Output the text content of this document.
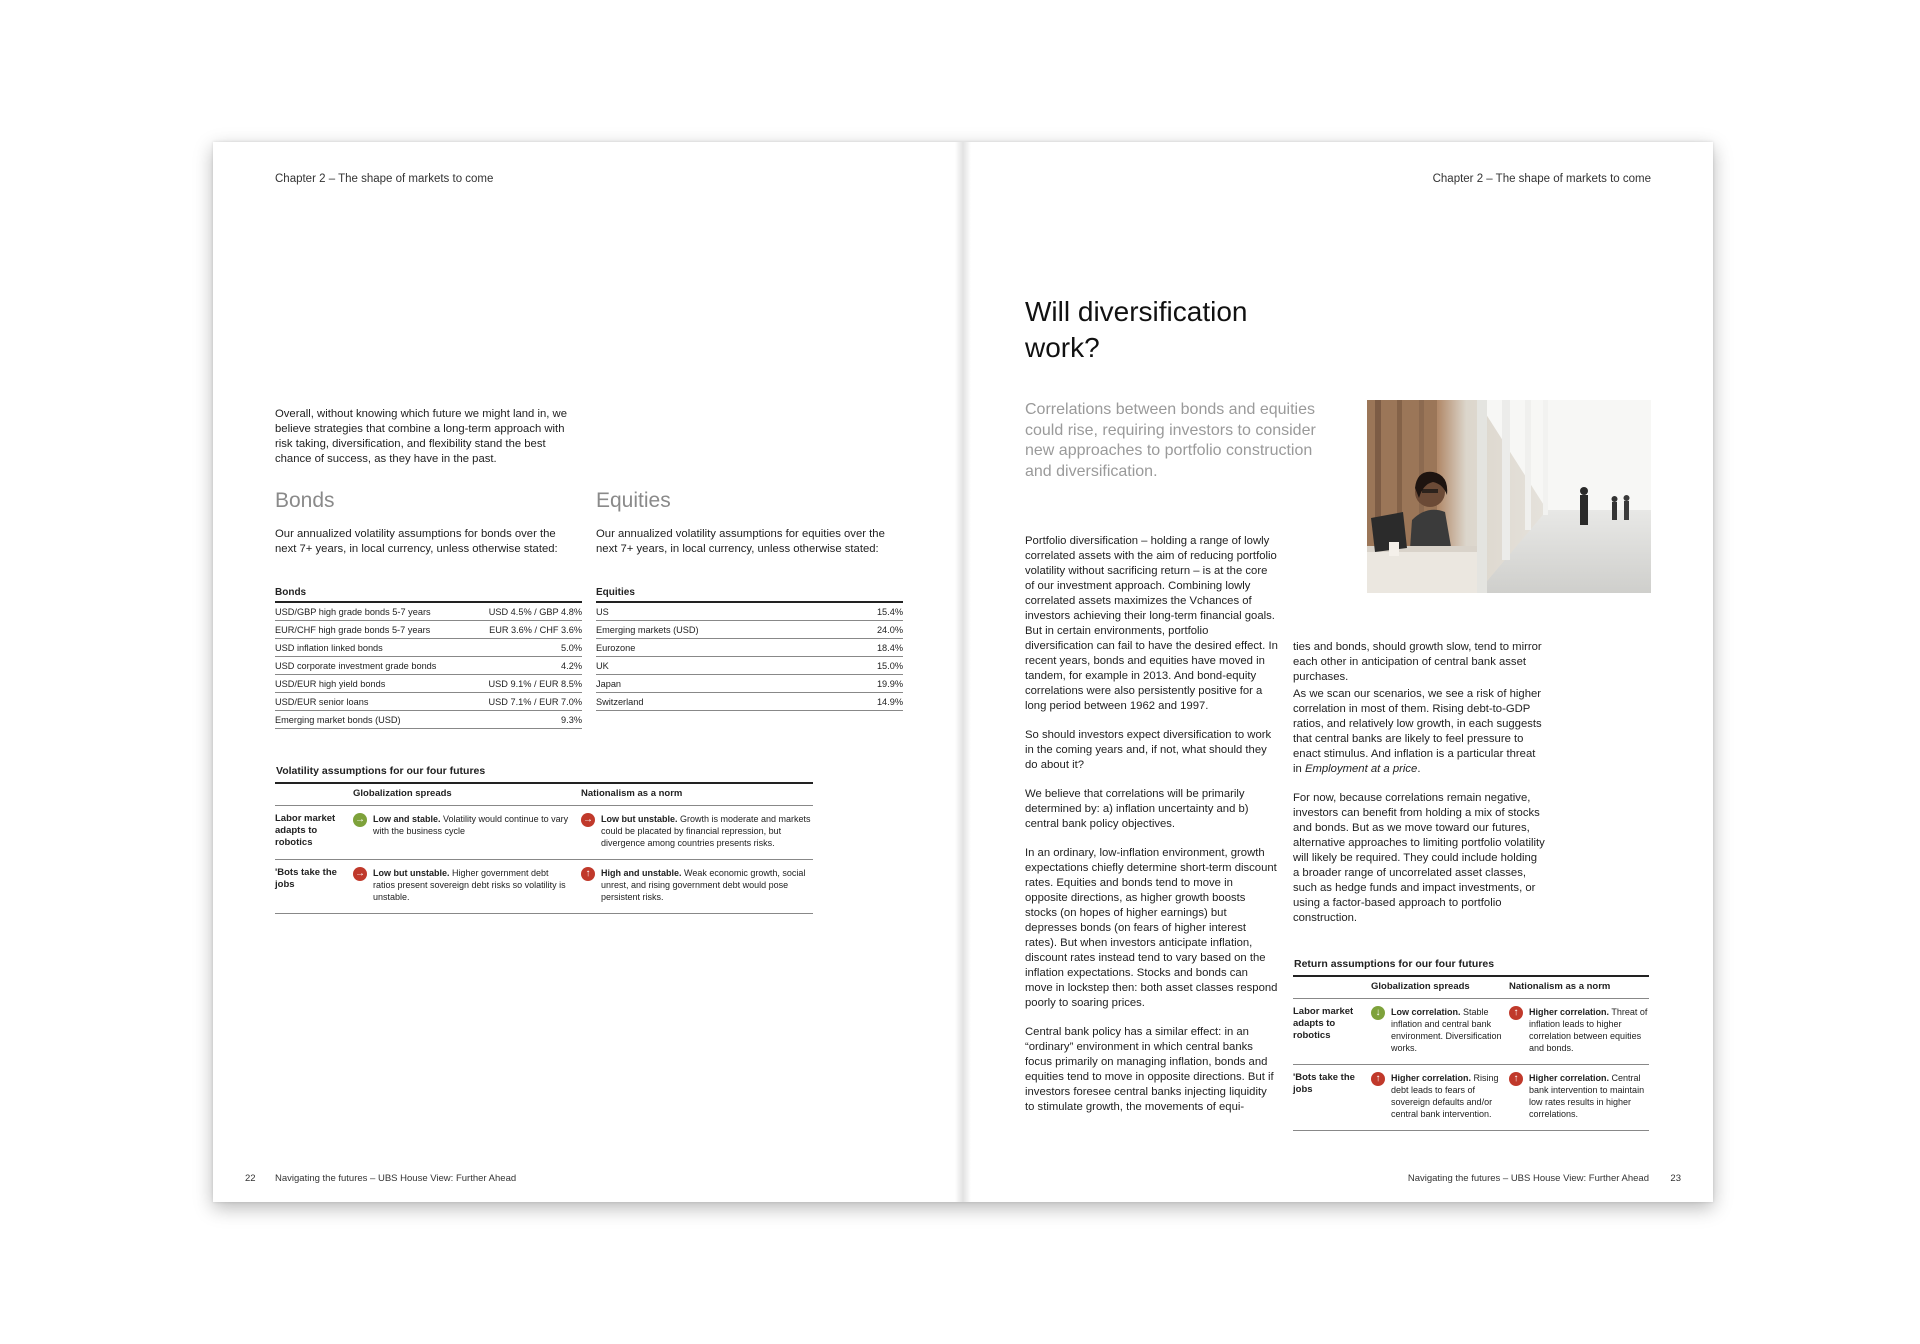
Chapter 2 – The shape of markets to come
Overall, without knowing which future we might land in, we believe strategies that combine a long-term approach with risk taking, diversification, and flexibility stand the best chance of success, as they have in the past.
Bonds
Our annualized volatility assumptions for bonds over the next 7+ years, in local currency, unless otherwise stated:
Equities
Our annualized volatility assumptions for equities over the next 7+ years, in local currency, unless otherwise stated:
Bonds	
USD/GBP high grade bonds 5-7 years	USD 4.5% / GBP 4.8%
EUR/CHF high grade bonds 5-7 years	EUR 3.6% / CHF 3.6%
USD inflation linked bonds	5.0%
USD corporate investment grade bonds	4.2%
USD/EUR high yield bonds	USD 9.1% / EUR 8.5%
USD/EUR senior loans	USD 7.1% / EUR 7.0%
Emerging market bonds (USD)	9.3%
Equities	
US	15.4%
Emerging markets (USD)	24.0%
Eurozone	18.4%
UK	15.0%
Japan	19.9%
Switzerland	14.9%
Volatility assumptions for our four futures		
	Globalization spreads	Nationalism as a norm
Labor market adapts to robotics	→ Low and stable. Volatility would continue to vary with the business cycle	→ Low but unstable. Growth is moderate and markets could be placated by financial repression, but divergence among countries presents risks.

'Bots take the jobs	→ Low but unstable. Higher government debt ratios present sovereign debt risks so volatility is unstable.	↑ High and unstable. Weak economic growth, social unrest, and rising government debt would pose persistent risks.
22 Navigating the futures – UBS House View: Further Ahead
Chapter 2 – The shape of markets to come
Will diversification
work?
Correlations between bonds and equities could rise, requiring investors to consider new approaches to portfolio construction and diversification.

Portfolio diversification – holding a range of lowly correlated assets with the aim of reducing portfolio volatility without sacrificing return – is at the core of our investment approach. Combining lowly correlated assets maximizes the Vchances of investors achieving their long-term financial goals. But in certain environments, portfolio diversification can fail to have the desired effect. In recent years, bonds and equities have moved in tandem, for example in 2013. And bond-equity correlations were also persistently positive for a long period between 1962 and 1997.

So should investors expect diversification to work in the coming years and, if not, what should they do about it?

We believe that correlations will be primarily determined by: a) inflation uncertainty and b) central bank policy objectives.

In an ordinary, low-inflation environment, growth expectations chiefly determine short-term discount rates. Equities and bonds tend to move in opposite directions, as higher growth boosts stocks (on hopes of higher earnings) but depresses bonds (on fears of higher interest rates). But when investors anticipate inflation, discount rates instead tend to vary based on the inflation expectations. Stocks and bonds can move in lockstep then: both asset classes respond poorly to soaring prices.

Central bank policy has a similar effect: in an “ordinary” environment in which central banks focus primarily on managing inflation, bonds and equities tend to move in opposite directions. But if investors foresee central banks injecting liquidity to stimulate growth, the movements of equi-

ties and bonds, should growth slow, tend to mirror each other in anticipation of central bank asset purchases.

As we scan our scenarios, we see a risk of higher correlation in most of them. Rising debt-to-GDP ratios, and relatively low growth, in each suggests that central banks are likely to feel pressure to enact stimulus. And inflation is a particular threat in Employment at a price.

For now, because correlations remain negative, investors can benefit from holding a mix of stocks and bonds. But as we move toward our futures, alternative approaches to limiting portfolio volatility will likely be required. They could include holding a broader range of uncorrelated asset classes, such as hedge funds and impact investments, or using a factor-based approach to portfolio construction.

Return assumptions for our four futures		
	Globalization spreads	Nationalism as a norm
Labor market adapts to robotics	↓ Low correlation. Stable inflation and central bank environment. Diversification works.	↑ Higher correlation. Threat of inflation leads to higher correlation between equities and bonds.

'Bots take the jobs	↑ Higher correlation. Rising debt leads to fears of sovereign defaults and/or central bank intervention.	↑ Higher correlation. Central bank intervention to maintain low rates results in higher correlations.
Navigating the futures – UBS House View: Further Ahead 23
